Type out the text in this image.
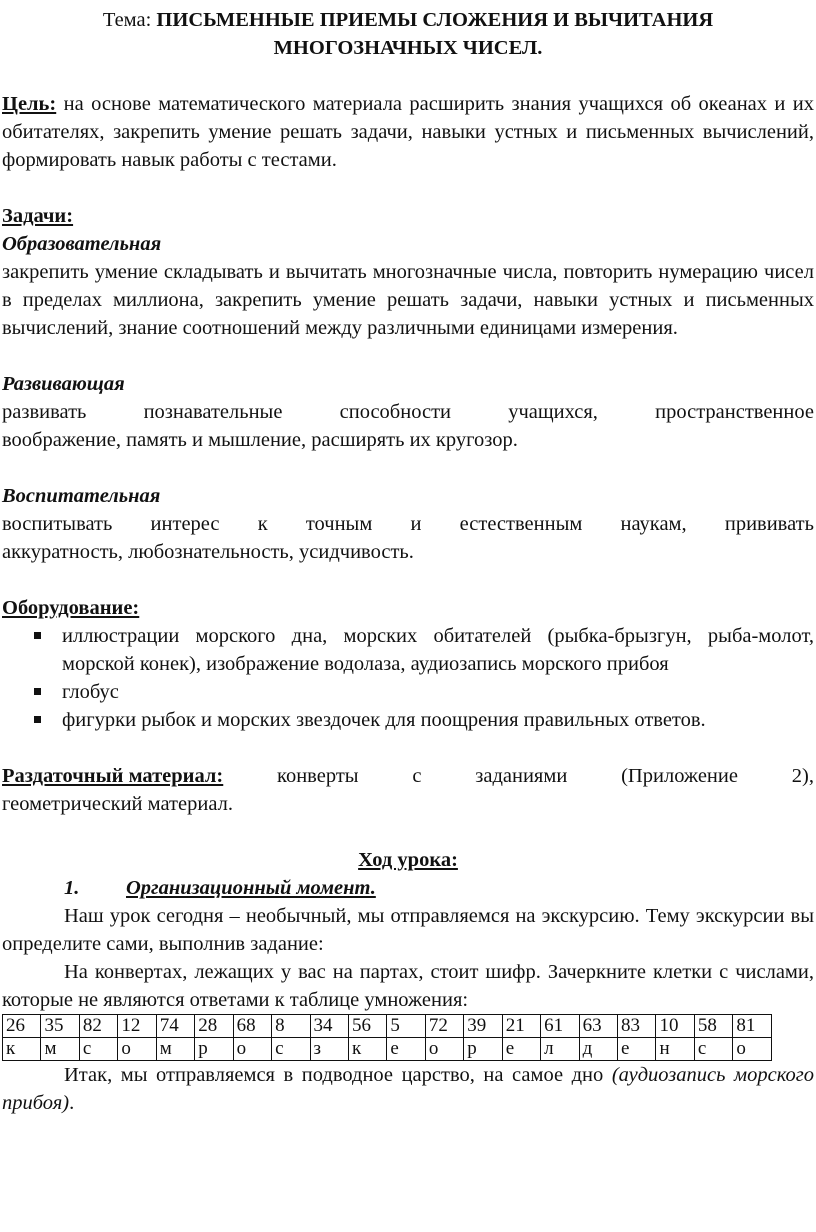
Тема: ПИСЬМЕННЫЕ ПРИЕМЫ СЛОЖЕНИЯ И ВЫЧИТАНИЯ
МНОГОЗНАЧНЫХ ЧИСЕЛ.

Цель: на основе математического материала расширить знания учащихся об океанах и их обитателях, закрепить умение решать задачи, навыки устных и письменных вычислений, формировать навык работы с тестами.

Задачи:

Образовательная

закрепить умение складывать и вычитать многозначные числа, повторить нумерацию чисел в пределах миллиона, закрепить умение решать задачи, навыки устных и письменных вычислений, знание соотношений между различными единицами измерения.

Развивающая

развивать	познавательные	способности	учащихся,	пространственное

воображение, память и мышление, расширять их кругозор.

Воспитательная

воспитывать интерес к точным и естественным наукам, прививать

аккуратность, любознательность, усидчивость.

Оборудование:

иллюстрации морского дна, морских обитателей (рыбка-брызгун, рыба-молот, морской конек), изображение водолаза, аудиозапись морского прибоя
глобус
фигурки рыбок и морских звездочек для поощрения правильных ответов.
Раздаточный материал:	конверты	с	заданиями	(Приложение	2),

геометрический материал.

Ход урока:

1. Организационный момент.

Наш урок сегодня – необычный, мы отправляемся на экскурсию. Тему экскурсии вы определите сами, выполнив задание:

На конвертах, лежащих у вас на партах, стоит шифр. Зачеркните клетки с числами, которые не являются ответами к таблице умножения:

26	35	82	12	74	28	68	8	34	56	5	72	39	21	61	63	83	10	58	81
к	м	с	о	м	р	о	с	з	к	е	о	р	е	л	д	е	н	с	о

Итак, мы отправляемся в подводное царство, на самое дно (аудиозапись морского прибоя).
